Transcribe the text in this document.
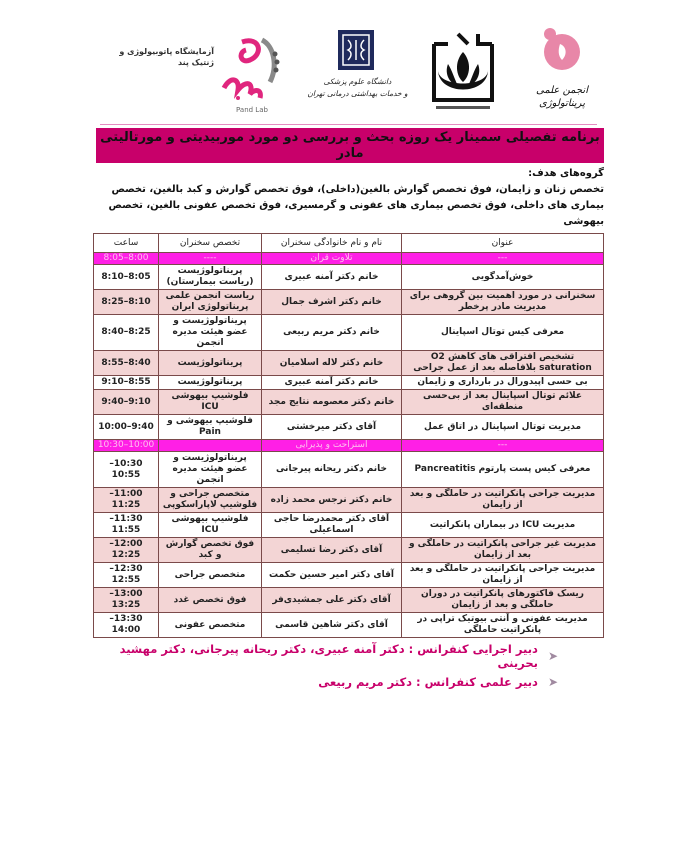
آزمایشگاه پاتوبیولوژی و ژنتیک پند
Pand Lab
دانشگاه علوم پزشکی
و خدمات بهداشتی درمانی تهران	انجمن علمی پریناتولوژی
برنامه تفصیلی سمینار یک روزه بحث و بررسی دو مورد موربیدیتی و مورتالیتی مادر
گروه‌های هدف:
تخصص زنان و زایمان، فوق تخصص گوارش بالغین(داخلی)، فوق تخصص گوارش و کبد بالغین، تخصص بیماری های داخلی، فوق تخصص بیماری های عفونی و گرمسیری، فوق تخصص عفونی بالغین، تخصص بیهوشی
عنوان	نام و نام خانوادگی سخنران	تخصص سخنران	ساعت
---	تلاوت قرآن	----	8:00–8:05
خوش‌آمدگویی	خانم دکتر آمنه عبیری	پریناتولوژیست (ریاست بیمارستان)	8:05–8:10
سخنرانی در مورد اهمیت بین گروهی برای مدیریت مادر پرخطر	خانم دکتر اشرف جمال	ریاست انجمن علمی پریناتولوژی ایران	8:10–8:25
معرفی کیس توتال اسپاینال	خانم دکتر مریم ربیعی	پریناتولوژیست و عضو هیئت مدیره انجمن	8:25–8:40
تشخیص افتراقی های کاهش O2 saturation بلافاصله بعد از عمل جراحی	خانم دکتر لاله اسلامیان	پریناتولوژیست	8:40–8:55
بی حسی اپیدورال در بارداری و زایمان	خانم دکتر آمنه عبیری	پریناتولوژیست	8:55–9:10
علائم توتال اسپاینال بعد از بی‌حسی منطقه‌ای	خانم دکتر معصومه نتایج مجد	فلوشیپ بیهوشی ICU	9:10–9:40
مدیریت توتال اسپاینال در اتاق عمل	آقای دکتر میرخشتی	فلوشیپ بیهوشی و Pain	9:40–10:00
---	استراحت و پذیرایی		10:00–10:30
معرفی کیس پست پارتوم Pancreatitis	خانم دکتر ریحانه پیرجانی	پریناتولوژیست و عضو هیئت مدیره انجمن	10:30–10:55
مدیریت جراحی پانکراتیت در حاملگی و بعد از زایمان	خانم دکتر نرجس محمد زاده	متخصص جراحی و فلوشیپ لاپاراسکوپی	11:00–11:25
مدیریت ICU در بیماران پانکراتیت	آقای دکتر محمدرضا حاجی اسماعیلی	فلوشیپ بیهوشی ICU	11:30–11:55
مدیریت غیر جراحی پانکراتیت در حاملگی و بعد از زایمان	آقای دکتر رضا تسلیمی	فوق تخصص گوارش و کبد	12:00–12:25
مدیریت جراحی پانکراتیت در حاملگی و بعد از زایمان	آقای دکتر امیر حسین حکمت	متخصص جراحی	12:30–12:55
ریسک فاکتورهای پانکراتیت در دوران حاملگی و بعد از زایمان	آقای دکتر علی جمشیدی‌فر	فوق تخصص غدد	13:00–13:25
مدیریت عفونی و آنتی بیوتیک تراپی در پانکراتیت حاملگی	آقای دکتر شاهین قاسمی	متخصص عفونی	13:30–14:00
➤
دبیر اجرایی کنفرانس : دکتر آمنه عبیری، دکتر ریحانه پیرجانی، دکتر مهشید بحرینی
➤
دبیر علمی کنفرانس : دکتر مریم ربیعی
